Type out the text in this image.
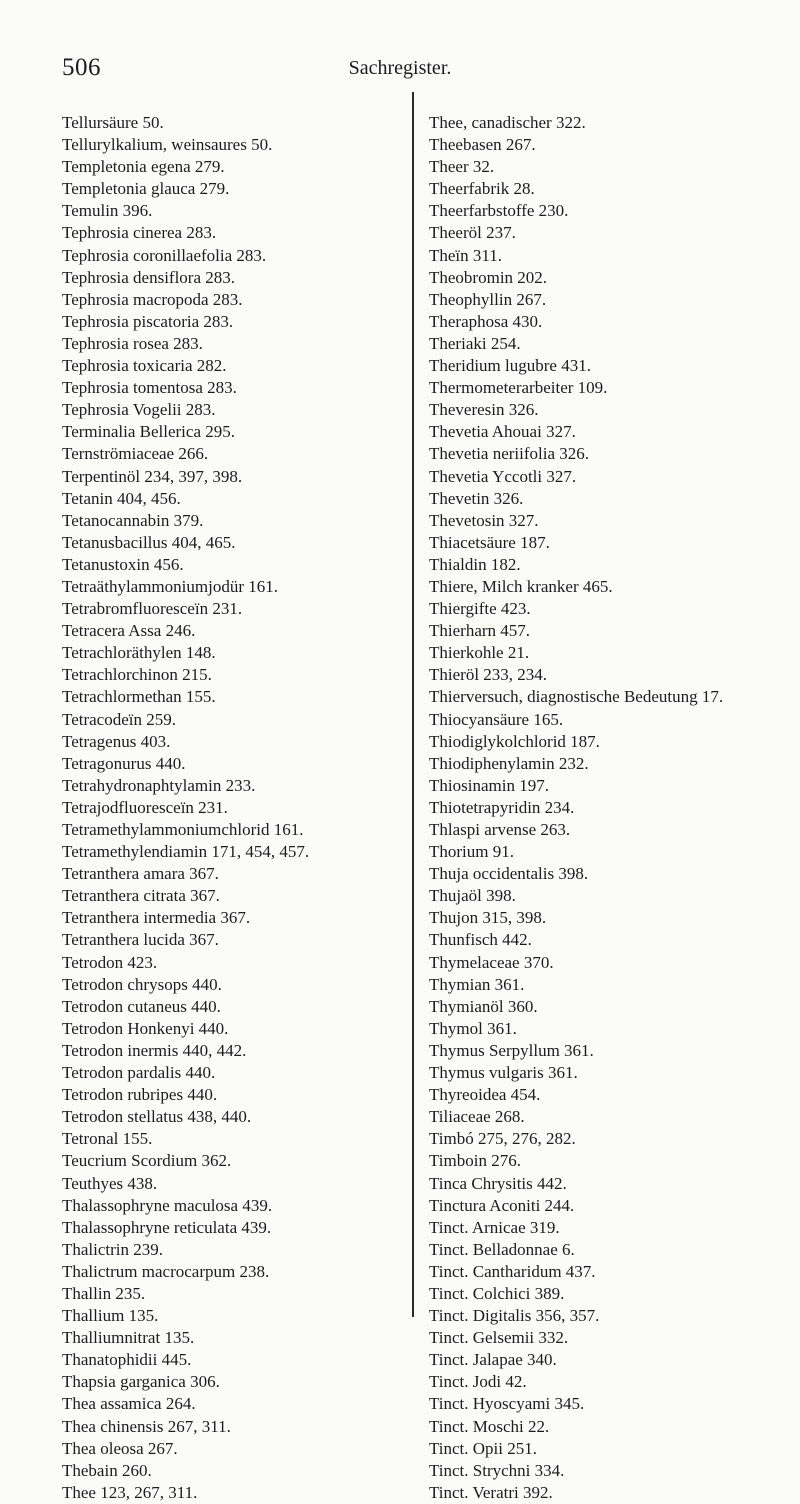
506	Sachregister.
Tellursäure 50.
Tellurylkalium, weinsaures 50.
Templetonia egena 279.
Templetonia glauca 279.
Temulin 396.
Tephrosia cinerea 283.
Tephrosia coronillaefolia 283.
Tephrosia densiflora 283.
Tephrosia macropoda 283.
Tephrosia piscatoria 283.
Tephrosia rosea 283.
Tephrosia toxicaria 282.
Tephrosia tomentosa 283.
Tephrosia Vogelii 283.
Terminalia Bellerica 295.
Ternströmiaceae 266.
Terpentinöl 234, 397, 398.
Tetanin 404, 456.
Tetanocannabin 379.
Tetanusbacillus 404, 465.
Tetanustoxin 456.
Tetraäthylammoniumjodür 161.
Tetrabromfluoresceïn 231.
Tetracera Assa 246.
Tetrachloräthylen 148.
Tetrachlorchinon 215.
Tetrachlormethan 155.
Tetracodeïn 259.
Tetragenus 403.
Tetragonurus 440.
Tetrahydronaphtylamin 233.
Tetrajodfluoresceïn 231.
Tetramethylammoniumchlorid 161.
Tetramethylendiamin 171, 454, 457.
Tetranthera amara 367.
Tetranthera citrata 367.
Tetranthera intermedia 367.
Tetranthera lucida 367.
Tetrodon 423.
Tetrodon chrysops 440.
Tetrodon cutaneus 440.
Tetrodon Honkenyi 440.
Tetrodon inermis 440, 442.
Tetrodon pardalis 440.
Tetrodon rubripes 440.
Tetrodon stellatus 438, 440.
Tetronal 155.
Teucrium Scordium 362.
Teuthyes 438.
Thalassophryne maculosa 439.
Thalassophryne reticulata 439.
Thalictrin 239.
Thalictrum macrocarpum 238.
Thallin 235.
Thallium 135.
Thalliumnitrat 135.
Thanatophidii 445.
Thapsia garganica 306.
Thea assamica 264.
Thea chinensis 267, 311.
Thea oleosa 267.
Thebain 260.
Thee 123, 267, 311.
Thee, canadischer 322.
Theebasen 267.
Theer 32.
Theerfabrik 28.
Theerfarbstoffe 230.
Theeröl 237.
Theïn 311.
Theobromin 202.
Theophyllin 267.
Theraphosa 430.
Theriaki 254.
Theridium lugubre 431.
Thermometerarbeiter 109.
Theveresin 326.
Thevetia Ahouai 327.
Thevetia neriifolia 326.
Thevetia Yccotli 327.
Thevetin 326.
Thevetosin 327.
Thiacetsäure 187.
Thialdin 182.
Thiere, Milch kranker 465.
Thiergifte 423.
Thierharn 457.
Thierkohle 21.
Thieröl 233, 234.
Thierversuch, diagnostische Bedeutung 17.
Thiocyansäure 165.
Thiodiglykolchlorid 187.
Thiodiphenylamin 232.
Thiosinamin 197.
Thiotetrapyridin 234.
Thlaspi arvense 263.
Thorium 91.
Thuja occidentalis 398.
Thujaöl 398.
Thujon 315, 398.
Thunfisch 442.
Thymelaceae 370.
Thymian 361.
Thymianöl 360.
Thymol 361.
Thymus Serpyllum 361.
Thymus vulgaris 361.
Thyreoidea 454.
Tiliaceae 268.
Timbó 275, 276, 282.
Timboin 276.
Tinca Chrysitis 442.
Tinctura Aconiti 244.
Tinct. Arnicae 319.
Tinct. Belladonnae 6.
Tinct. Cantharidum 437.
Tinct. Colchici 389.
Tinct. Digitalis 356, 357.
Tinct. Gelsemii 332.
Tinct. Jalapae 340.
Tinct. Jodi 42.
Tinct. Hyoscyami 345.
Tinct. Moschi 22.
Tinct. Opii 251.
Tinct. Strychni 334.
Tinct. Veratri 392.
